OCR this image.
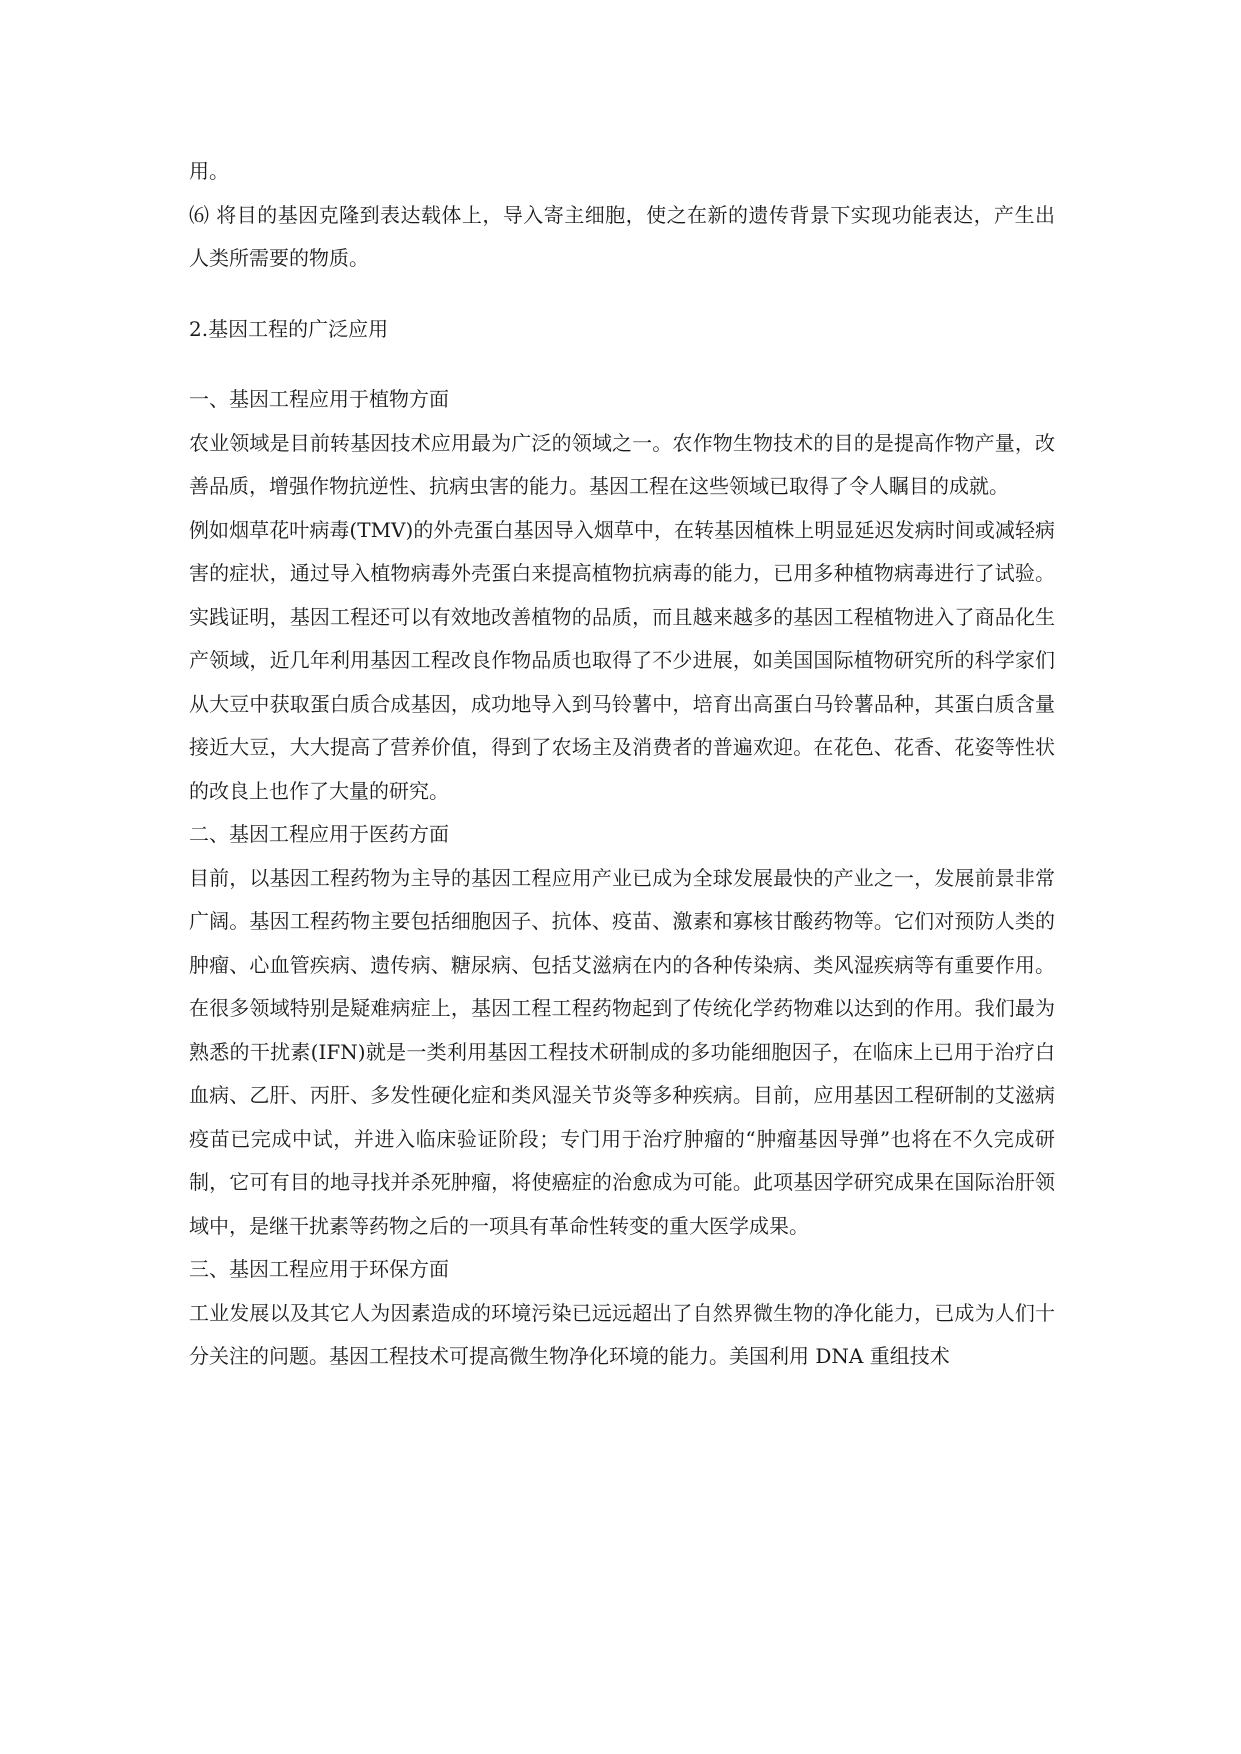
用。

⑹ 将目的基因克隆到表达载体上，导入寄主细胞，使之在新的遗传背景下实现功能表达，产生出人类所需要的物质。

2.基因工程的广泛应用

一、基因工程应用于植物方面

农业领域是目前转基因技术应用最为广泛的领域之一。农作物生物技术的目的是提高作物产量，改善品质，增强作物抗逆性、抗病虫害的能力。基因工程在这些领域已取得了令人瞩目的成就。

例如烟草花叶病毒(TMV)的外壳蛋白基因导入烟草中，在转基因植株上明显延迟发病时间或减轻病害的症状，通过导入植物病毒外壳蛋白来提高植物抗病毒的能力，已用多种植物病毒进行了试验。实践证明，基因工程还可以有效地改善植物的品质，而且越来越多的基因工程植物进入了商品化生产领域，近几年利用基因工程改良作物品质也取得了不少进展，如美国国际植物研究所的科学家们从大豆中获取蛋白质合成基因，成功地导入到马铃薯中，培育出高蛋白马铃薯品种，其蛋白质含量接近大豆，大大提高了营养价值，得到了农场主及消费者的普遍欢迎。在花色、花香、花姿等性状的改良上也作了大量的研究。

二、基因工程应用于医药方面

目前，以基因工程药物为主导的基因工程应用产业已成为全球发展最快的产业之一，发展前景非常广阔。基因工程药物主要包括细胞因子、抗体、疫苗、激素和寡核甘酸药物等。它们对预防人类的肿瘤、心血管疾病、遗传病、糖尿病、包括艾滋病在内的各种传染病、类风湿疾病等有重要作用。在很多领域特别是疑难病症上，基因工程工程药物起到了传统化学药物难以达到的作用。我们最为熟悉的干扰素(IFN)就是一类利用基因工程技术研制成的多功能细胞因子，在临床上已用于治疗白血病、乙肝、丙肝、多发性硬化症和类风湿关节炎等多种疾病。目前，应用基因工程研制的艾滋病疫苗已完成中试，并进入临床验证阶段；专门用于治疗肿瘤的“肿瘤基因导弹”也将在不久完成研制，它可有目的地寻找并杀死肿瘤，将使癌症的治愈成为可能。此项基因学研究成果在国际治肝领域中，是继干扰素等药物之后的一项具有革命性转变的重大医学成果。

三、基因工程应用于环保方面

工业发展以及其它人为因素造成的环境污染已远远超出了自然界微生物的净化能力，已成为人们十分关注的问题。基因工程技术可提高微生物净化环境的能力。美国利用 DNA 重组技术
